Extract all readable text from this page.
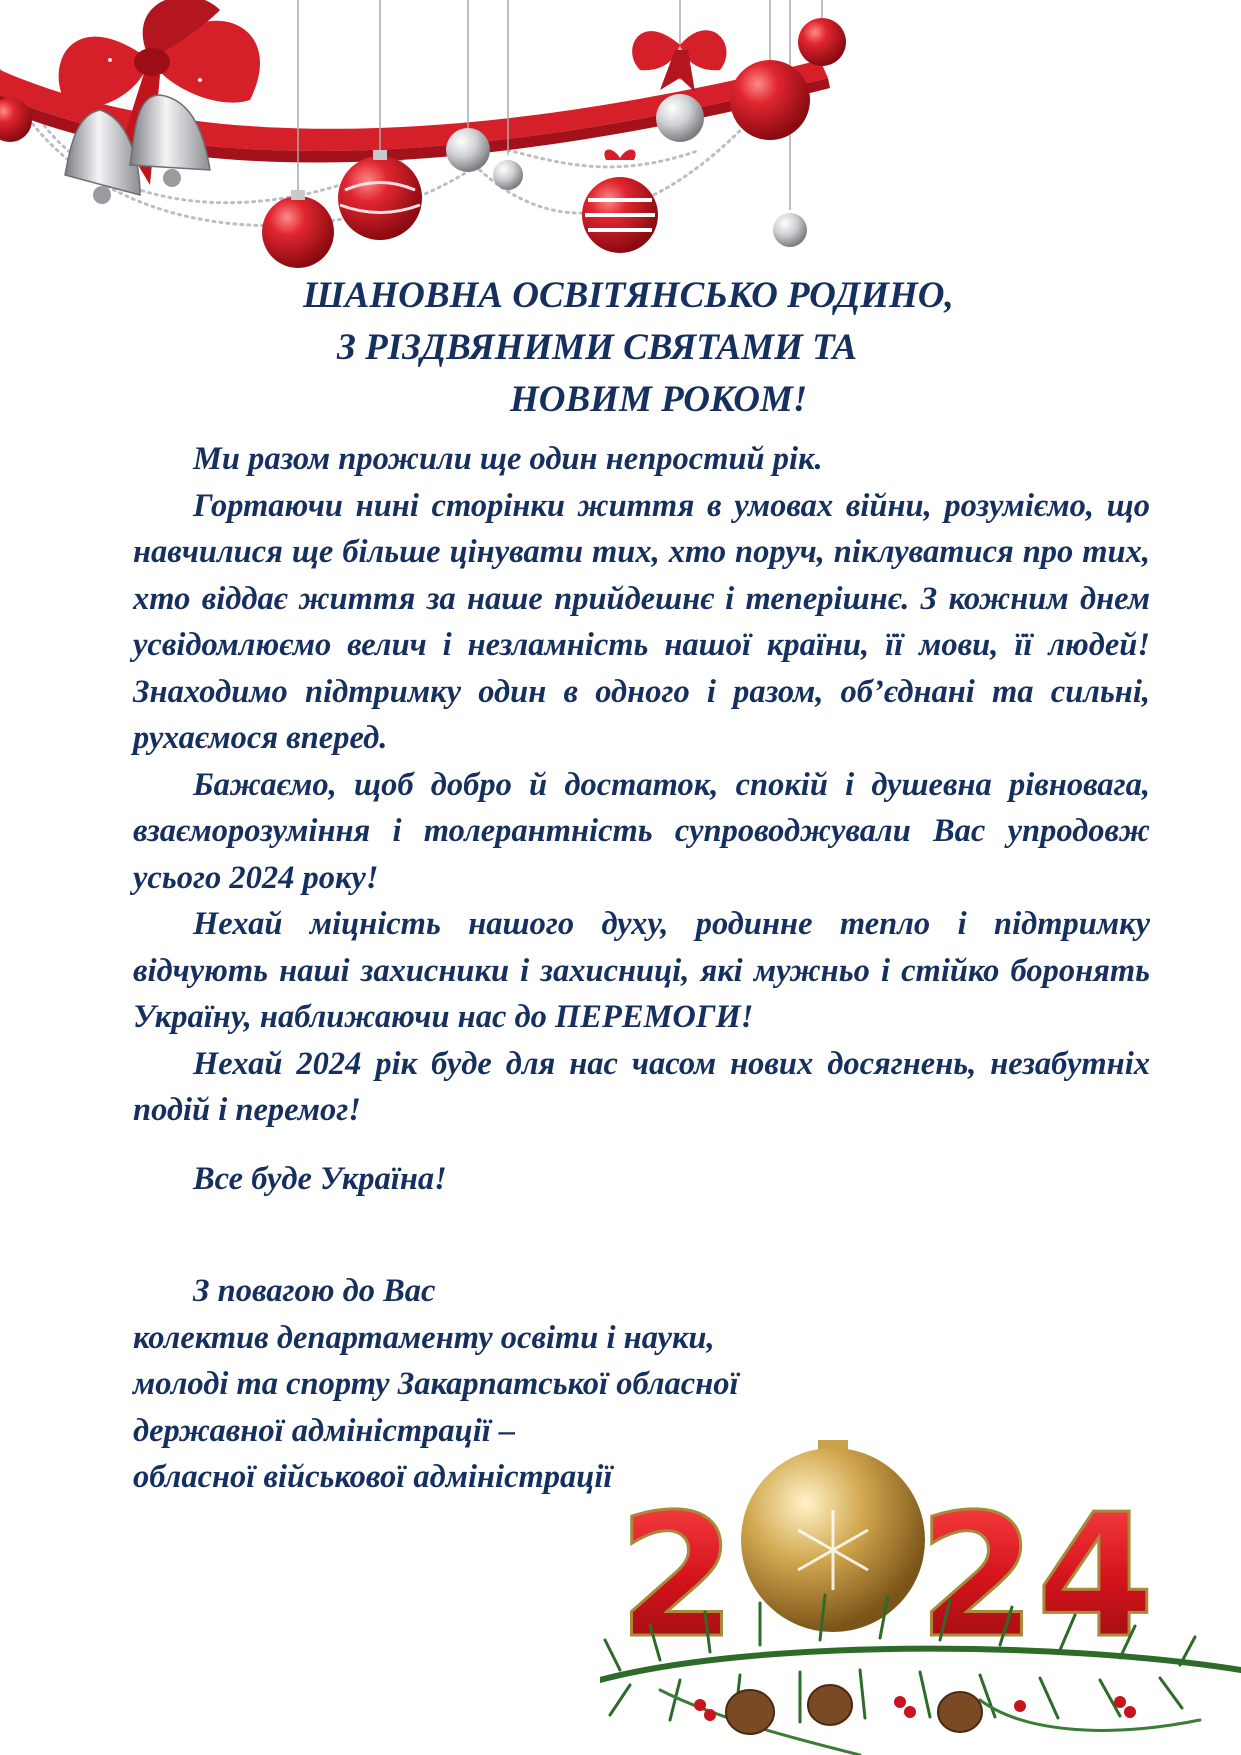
ШАНОВНА ОСВІТЯНСЬКО РОДИНО,
З РІЗДВЯНИМИ СВЯТАМИ ТА
НОВИМ РОКОМ!

Ми разом прожили ще один непростий рік.

Гортаючи нині сторінки життя в умовах війни, розуміємо, що навчилися ще більше цінувати тих, хто поруч, піклуватися про тих, хто віддає життя за наше прийдешнє і теперішнє. З кожним днем усвідомлюємо велич і незламність нашої країни, її мови, її людей! Знаходимо підтримку один в одного і разом, об’єднані та сильні, рухаємося вперед.

Бажаємо, щоб добро й достаток, спокій і душевна рівновага, взаєморозуміння і толерантність супроводжували Вас упродовж усього 2024 року!

Нехай міцність нашого духу, родинне тепло і підтримку відчують наші захисники і захисниці, які мужньо і стійко боронять Україну, наближаючи нас до ПЕРЕМОГИ!

Нехай 2024 рік буде для нас часом нових досягнень, незабутніх подій і перемог!

Все буде Україна!

З повагою до Вас
колектив департаменту освіти і науки,
молоді та спорту Закарпатської обласної
державної адміністрації –
обласної військової адміністрації
2 24
